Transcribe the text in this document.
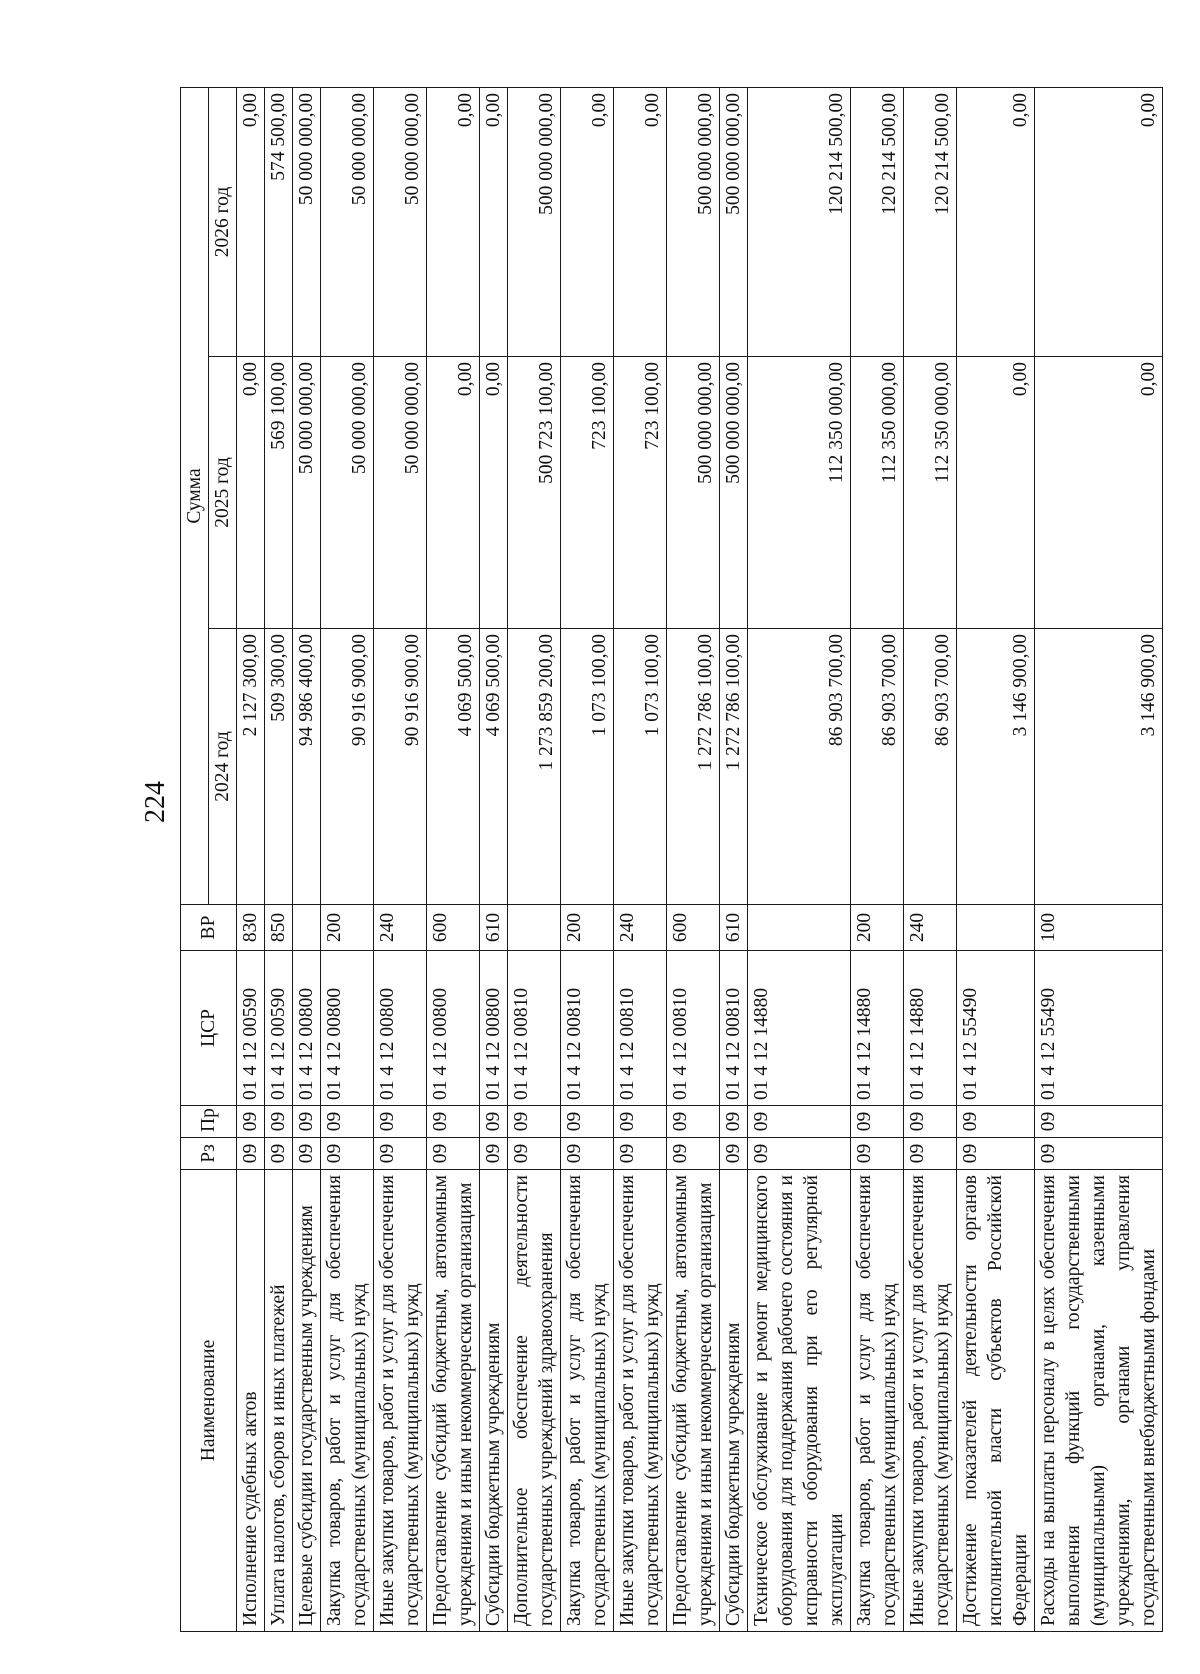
224
Наименование	Рз	Пр	ЦСР	ВР	Сумма		
					2024 год	2025 год	2026 год
Исполнение судебных актов	09	09	01 4 12 00590	830	2 127 300,00	0,00	0,00
Уплата налогов, сборов и иных платежей	09	09	01 4 12 00590	850	509 300,00	569 100,00	574 500,00
Целевые субсидии государственным учреждениям	09	09	01 4 12 00800		94 986 400,00	50 000 000,00	50 000 000,00
Закупка товаров, работ и услуг для обеспечения государственных (муниципальных) нужд	09	09	01 4 12 00800	200	90 916 900,00	50 000 000,00	50 000 000,00
Иные закупки товаров, работ и услуг для обеспечения государственных (муниципальных) нужд	09	09	01 4 12 00800	240	90 916 900,00	50 000 000,00	50 000 000,00
Предоставление субсидий бюджетным, автономным учреждениям и иным некоммерческим организациям	09	09	01 4 12 00800	600	4 069 500,00	0,00	0,00
Субсидии бюджетным учреждениям	09	09	01 4 12 00800	610	4 069 500,00	0,00	0,00
Дополнительное обеспечение деятельности государственных учреждений здравоохранения	09	09	01 4 12 00810		1 273 859 200,00	500 723 100,00	500 000 000,00
Закупка товаров, работ и услуг для обеспечения государственных (муниципальных) нужд	09	09	01 4 12 00810	200	1 073 100,00	723 100,00	0,00
Иные закупки товаров, работ и услуг для обеспечения государственных (муниципальных) нужд	09	09	01 4 12 00810	240	1 073 100,00	723 100,00	0,00
Предоставление субсидий бюджетным, автономным учреждениям и иным некоммерческим организациям	09	09	01 4 12 00810	600	1 272 786 100,00	500 000 000,00	500 000 000,00
Субсидии бюджетным учреждениям	09	09	01 4 12 00810	610	1 272 786 100,00	500 000 000,00	500 000 000,00
Техническое обслуживание и ремонт медицинского оборудования для поддержания рабочего состояния и исправности оборудования при его регулярной эксплуатации	09	09	01 4 12 14880		86 903 700,00	112 350 000,00	120 214 500,00
Закупка товаров, работ и услуг для обеспечения государственных (муниципальных) нужд	09	09	01 4 12 14880	200	86 903 700,00	112 350 000,00	120 214 500,00
Иные закупки товаров, работ и услуг для обеспечения государственных (муниципальных) нужд	09	09	01 4 12 14880	240	86 903 700,00	112 350 000,00	120 214 500,00
Достижение показателей деятельности органов исполнительной власти субъектов Российской Федерации	09	09	01 4 12 55490		3 146 900,00	0,00	0,00
Расходы на выплаты персоналу в целях обеспечения выполнения функций государственными (муниципальными) органами, казенными учреждениями, органами управления государственными внебюджетными фондами	09	09	01 4 12 55490	100	3 146 900,00	0,00	0,00
